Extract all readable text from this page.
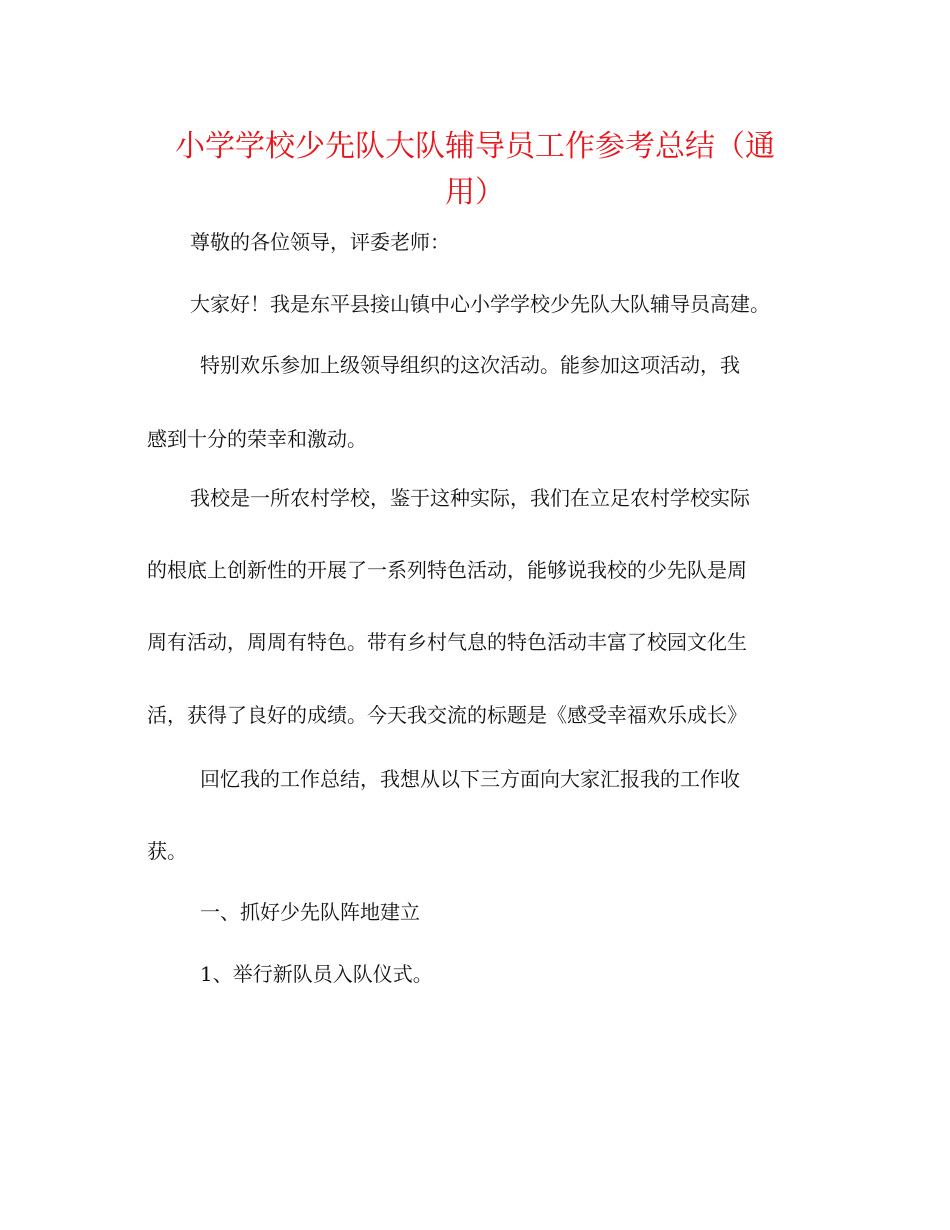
小学学校少先队大队辅导员工作参考总结（通
用）

尊敬的各位领导，评委老师：

大家好！我是东平县接山镇中心小学学校少先队大队辅导员高建。

特别欢乐参加上级领导组织的这次活动。能参加这项活动，我

感到十分的荣幸和激动。

我校是一所农村学校，鉴于这种实际，我们在立足农村学校实际

的根底上创新性的开展了一系列特色活动，能够说我校的少先队是周

周有活动，周周有特色。带有乡村气息的特色活动丰富了校园文化生

活，获得了良好的成绩。今天我交流的标题是《感受幸福欢乐成长》

回忆我的工作总结，我想从以下三方面向大家汇报我的工作收

获。

一、抓好少先队阵地建立

1、举行新队员入队仪式。
